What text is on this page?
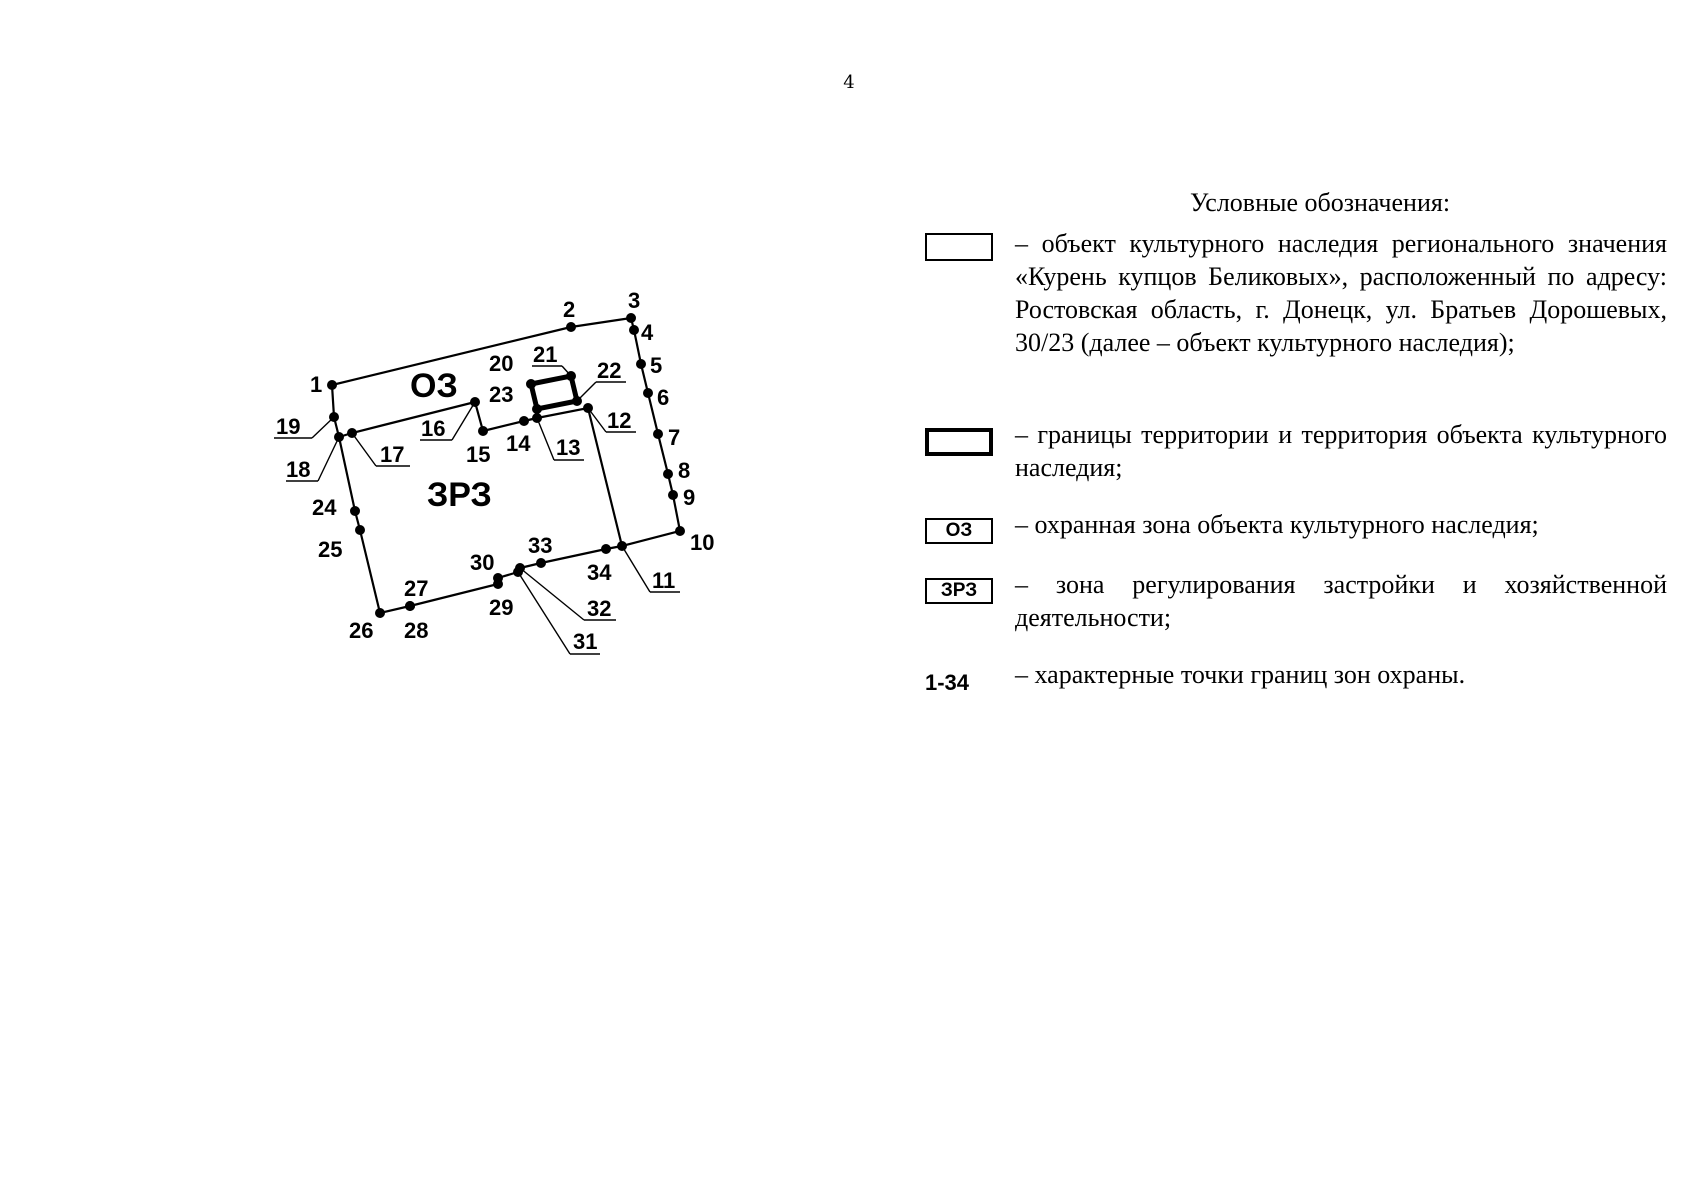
4
1
2 3
4
5
6
7
8
9
10
11
12
13
14
15
16
17
18
19
20 21
22
23
24
25
26
27
28
29
30
31
32
33
34
ОЗ
ЗРЗ
Условные обозначения:
– объект культурного наследия регионального значения «Курень купцов Беликовых», расположенный по адресу: Ростовская область, г. Донецк, ул. Братьев Дорошевых, 30/23 (далее – объект культурного наследия);
– границы территории и территория объекта культурного наследия;
ОЗ	– охранная зона объекта культурного наследия;
ЗРЗ	– зона регулирования застройки и хозяйственной деятельности;
1-34 – характерные точки границ зон охраны.
